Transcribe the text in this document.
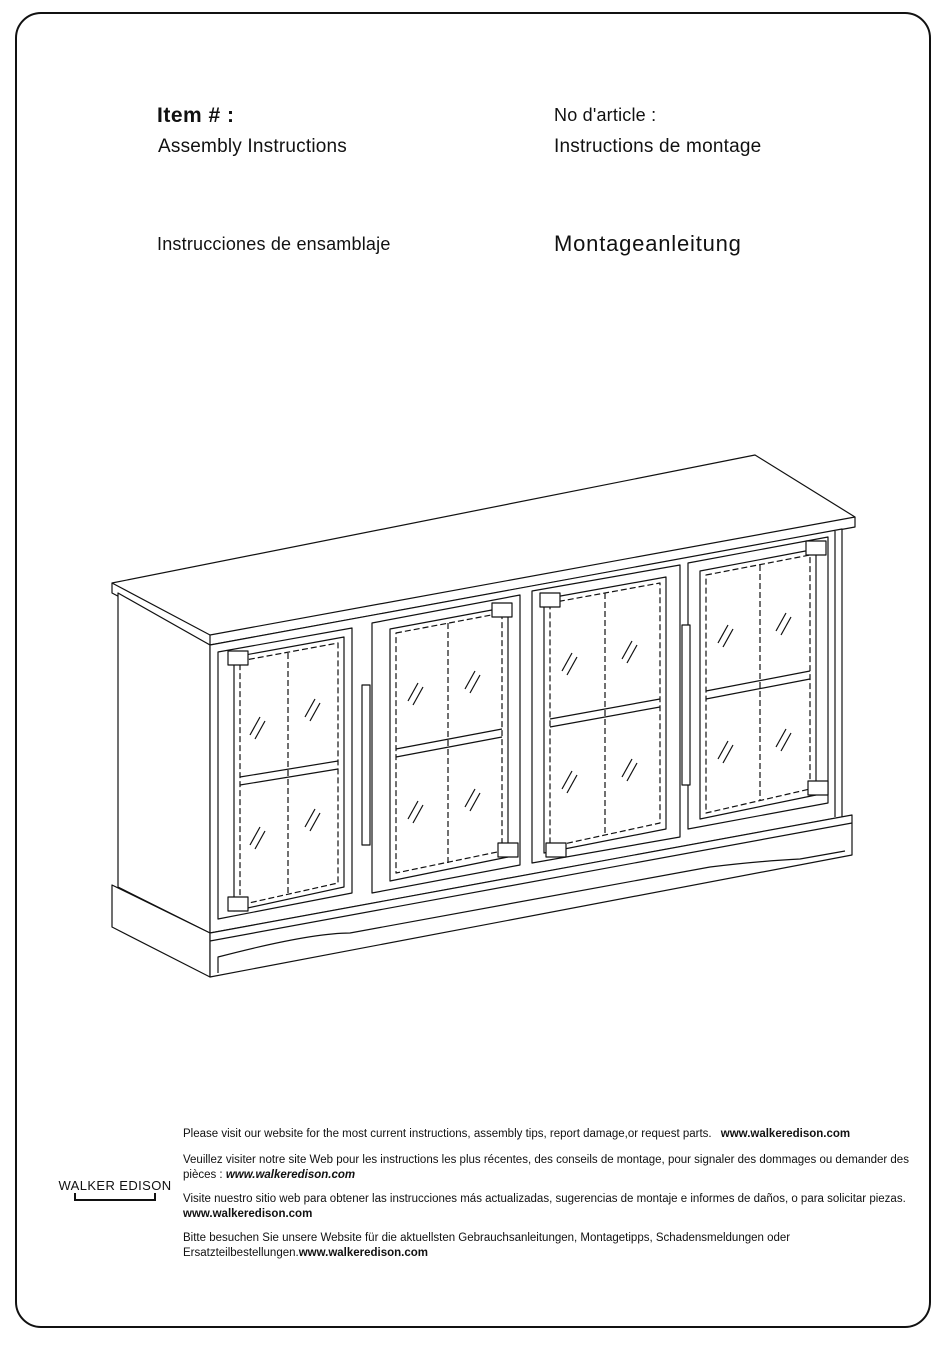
Item # :
Assembly Instructions
No d'article :
Instructions de montage
Instrucciones de ensamblaje	Montageanleitung
WALKER EDISON
Please visit our website for the most current instructions, assembly tips, report damage,or request parts. www.walkeredison.com
Veuillez visiter notre site Web pour les instructions les plus récentes, des conseils de montage, pour signaler des dommages ou demander des pièces : www.walkeredison.com
Visite nuestro sitio web para obtener las instrucciones más actualizadas, sugerencias de montaje e informes de daños, o para solicitar piezas. www.walkeredison.com
Bitte besuchen Sie unsere Website für die aktuellsten Gebrauchsanleitungen, Montagetipps, Schadensmeldungen oder Ersatzteilbestellungen.www.walkeredison.com
